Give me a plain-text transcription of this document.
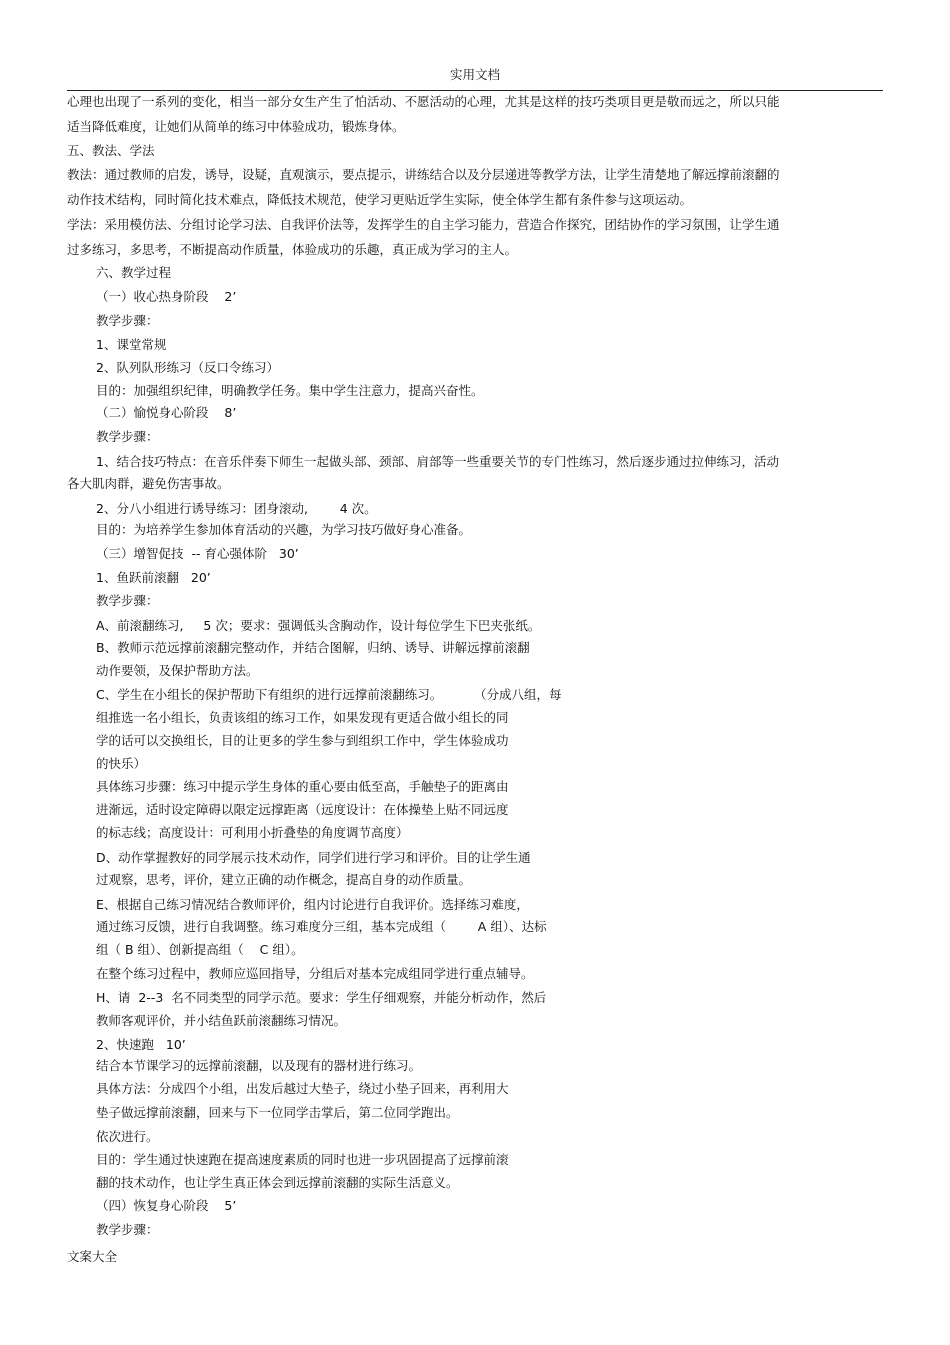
实用文档
心理也出现了一系列的变化，相当一部分女生产生了怕活动、不愿活动的心理，尤其是这样的技巧类项目更是敬而远之，所以只能
适当降低难度，让她们从简单的练习中体验成功，锻炼身体。
五、教法、学法
教法：通过教师的启发，诱导，设疑，直观演示，要点提示，讲练结合以及分层递进等教学方法，让学生清楚地了解远撑前滚翻的
动作技术结构，同时简化技术难点，降低技术规范，使学习更贴近学生实际，使全体学生都有条件参与这项运动。
学法：采用模仿法、分组讨论学习法、自我评价法等，发挥学生的自主学习能力，营造合作探究，团结协作的学习氛围，让学生通
过多练习，多思考，不断提高动作质量，体验成功的乐趣，真正成为学习的主人。
六、教学过程
（一）收心热身阶段    2’
教学步骤：
1、课堂常规
2、队列队形练习（反口令练习）
目的：加强组织纪律，明确教学任务。集中学生注意力，提高兴奋性。
（二）愉悦身心阶段    8’
教学步骤：
1、结合技巧特点：在音乐伴奏下师生一起做头部、颈部、肩部等一些重要关节的专门性练习，然后逐步通过拉伸练习，活动
各大肌肉群，避免伤害事故。
2、分八小组进行诱导练习：团身滚动,        4 次。
目的：为培养学生参加体育活动的兴趣，为学习技巧做好身心准备。
（三）增智促技  -- 育心强体阶   30’
1、鱼跃前滚翻   20’
教学步骤：
A、前滚翻练习,     5 次；要求：强调低头含胸动作，设计每位学生下巴夹张纸。
B、教师示范远撑前滚翻完整动作，并结合图解，归纳、诱导、讲解远撑前滚翻
动作要领，及保护帮助方法。
C、学生在小组长的保护帮助下有组织的进行远撑前滚翻练习。        （分成八组，每
组推选一名小组长，负责该组的练习工作，如果发现有更适合做小组长的同
学的话可以交换组长，目的让更多的学生参与到组织工作中，学生体验成功
的快乐）
具体练习步骤：练习中提示学生身体的重心要由低至高，手触垫子的距离由
进渐远，适时设定障碍以限定远撑距离（远度设计：在体操垫上贴不同远度
的标志线；高度设计：可利用小折叠垫的角度调节高度）
D、动作掌握教好的同学展示技术动作，同学们进行学习和评价。目的让学生通
过观察，思考，评价，建立正确的动作概念，提高自身的动作质量。
E、根据自己练习情况结合教师评价，组内讨论进行自我评价。选择练习难度，
通过练习反馈，进行自我调整。练习难度分三组，基本完成组（        A 组）、达标
组（ B 组）、创新提高组（    C 组）。
在整个练习过程中，教师应巡回指导，分组后对基本完成组同学进行重点辅导。
H、请  2--3  名不同类型的同学示范。要求：学生仔细观察，并能分析动作，然后
教师客观评价，并小结鱼跃前滚翻练习情况。
2、快速跑   10’
结合本节课学习的远撑前滚翻，以及现有的器材进行练习。
具体方法：分成四个小组，出发后越过大垫子，绕过小垫子回来，再利用大
垫子做远撑前滚翻，回来与下一位同学击掌后，第二位同学跑出。
依次进行。
目的：学生通过快速跑在提高速度素质的同时也进一步巩固提高了远撑前滚
翻的技术动作，也让学生真正体会到远撑前滚翻的实际生活意义。
（四）恢复身心阶段    5’
教学步骤：
文案大全
